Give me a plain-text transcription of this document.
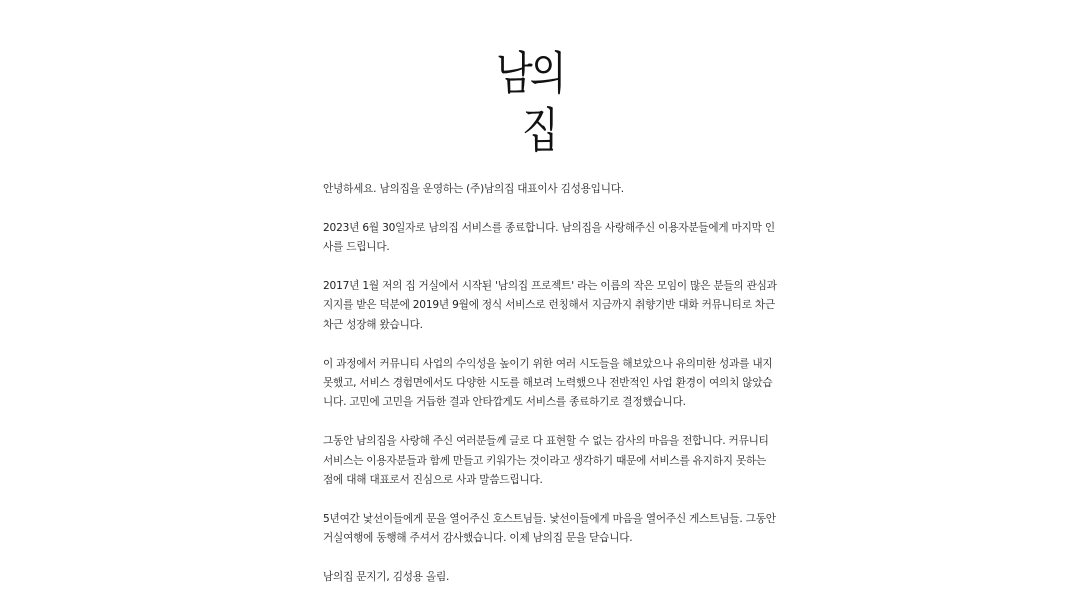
남의
집

안녕하세요. 남의집을 운영하는 (주)남의집 대표이사 김성용입니다.

2023년 6월 30일자로 남의집 서비스를 종료합니다. 남의집을 사랑해주신 이용자분들에게 마지막 인
사를 드립니다.

2017년 1월 저의 집 거실에서 시작된 '남의집 프로젝트' 라는 이름의 작은 모임이 많은 분들의 관심과
지지를 받은 덕분에 2019년 9월에 정식 서비스로 런칭해서 지금까지 취향기반 대화 커뮤니티로 차근
차근 성장해 왔습니다.

이 과정에서 커뮤니티 사업의 수익성을 높이기 위한 여러 시도들을 해보았으나 유의미한 성과를 내지
못했고, 서비스 경험면에서도 다양한 시도를 해보려 노력했으나 전반적인 사업 환경이 여의치 않았습
니다. 고민에 고민을 거듭한 결과 안타깝게도 서비스를 종료하기로 결정했습니다.

그동안 남의집을 사랑해 주신 여러분들께 글로 다 표현할 수 없는 감사의 마음을 전합니다. 커뮤니티
서비스는 이용자분들과 함께 만들고 키워가는 것이라고 생각하기 때문에 서비스를 유지하지 못하는
점에 대해 대표로서 진심으로 사과 말씀드립니다.

5년여간 낯선이들에게 문을 열어주신 호스트님들. 낯선이들에게 마음을 열어주신 게스트님들. 그동안
거실여행에 동행해 주셔서 감사했습니다. 이제 남의집 문을 닫습니다.

남의집 문지기, 김성용 올림.
